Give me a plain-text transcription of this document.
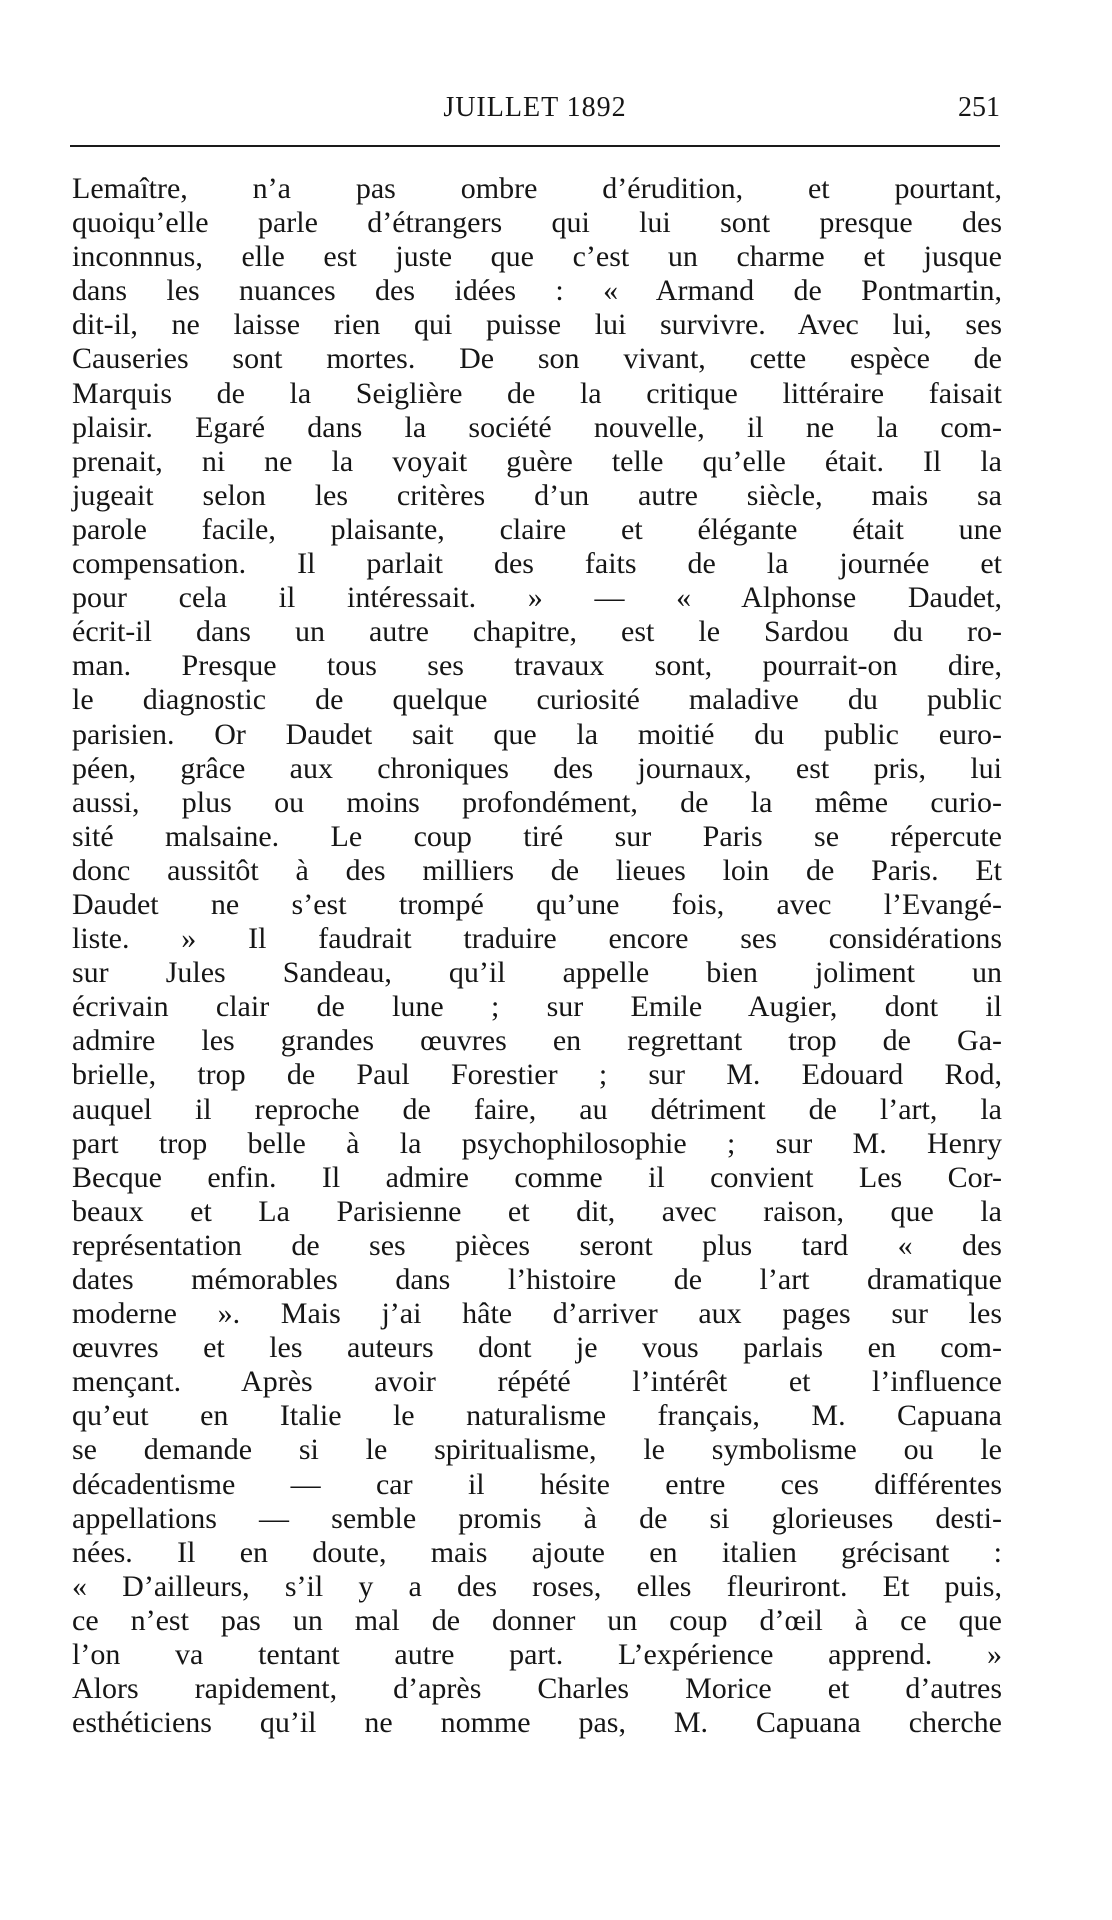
JUILLET 1892	251
Lemaître, n’a pas ombre d’érudition, et pourtant,
quoiqu’elle parle d’étrangers qui lui sont presque des
inconnnus, elle est juste que c’est un charme et jusque
dans les nuances des idées : « Armand de Pontmartin,
dit-il, ne laisse rien qui puisse lui survivre. Avec lui, ses
Causeries sont mortes. De son vivant, cette espèce de
Marquis de la Seiglière de la critique littéraire faisait
plaisir. Egaré dans la société nouvelle, il ne la com-
prenait, ni ne la voyait guère telle qu’elle était. Il la
jugeait selon les critères d’un autre siècle, mais sa
parole facile, plaisante, claire et élégante était une
compensation. Il parlait des faits de la journée et
pour cela il intéressait. » — « Alphonse Daudet,
écrit-il dans un autre chapitre, est le Sardou du ro-
man. Presque tous ses travaux sont, pourrait-on dire,
le diagnostic de quelque curiosité maladive du public
parisien. Or Daudet sait que la moitié du public euro-
péen, grâce aux chroniques des journaux, est pris, lui
aussi, plus ou moins profondément, de la même curio-
sité malsaine. Le coup tiré sur Paris se répercute
donc aussitôt à des milliers de lieues loin de Paris. Et
Daudet ne s’est trompé qu’une fois, avec l’Evangé-
liste. » Il faudrait traduire encore ses considérations
sur Jules Sandeau, qu’il appelle bien joliment un
écrivain clair de lune ; sur Emile Augier, dont il
admire les grandes œuvres en regrettant trop de Ga-
brielle, trop de Paul Forestier ; sur M. Edouard Rod,
auquel il reproche de faire, au détriment de l’art, la
part trop belle à la psychophilosophie ; sur M. Henry
Becque enfin. Il admire comme il convient Les Cor-
beaux et La Parisienne et dit, avec raison, que la
représentation de ses pièces seront plus tard « des
dates mémorables dans l’histoire de l’art dramatique
moderne ». Mais j’ai hâte d’arriver aux pages sur les
œuvres et les auteurs dont je vous parlais en com-
mençant. Après avoir répété l’intérêt et l’influence
qu’eut en Italie le naturalisme français, M. Capuana
se demande si le spiritualisme, le symbolisme ou le
décadentisme — car il hésite entre ces différentes
appellations — semble promis à de si glorieuses desti-
nées. Il en doute, mais ajoute en italien grécisant :
« D’ailleurs, s’il y a des roses, elles fleuriront. Et puis,
ce n’est pas un mal de donner un coup d’œil à ce que
l’on va tentant autre part. L’expérience apprend. »
Alors rapidement, d’après Charles Morice et d’autres
esthéticiens qu’il ne nomme pas, M. Capuana cherche
